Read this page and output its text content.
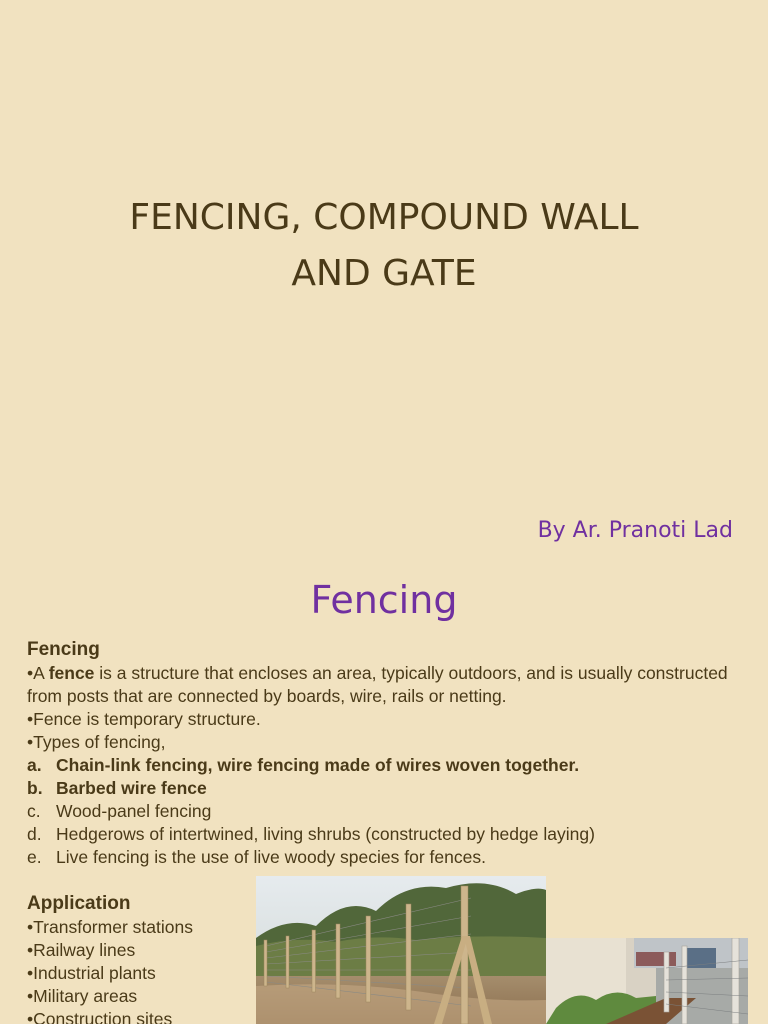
FENCING, COMPOUND WALL
AND GATE
By Ar. Pranoti Lad
Fencing
Fencing

•A fence is a structure that encloses an area, typically outdoors, and is usually constructed from posts that are connected by boards, wire, rails or netting.

•Fence is temporary structure.

•Types of fencing,

a. Chain-link fencing, wire fencing made of wires woven together.
b. Barbed wire fence
c. Wood-panel fencing
d. Hedgerows of intertwined, living shrubs (constructed by hedge laying)
e. Live fencing is the use of live woody species for fences.
Application
•Transformer stations
•Railway lines
•Industrial plants
•Military areas
•Construction sites
